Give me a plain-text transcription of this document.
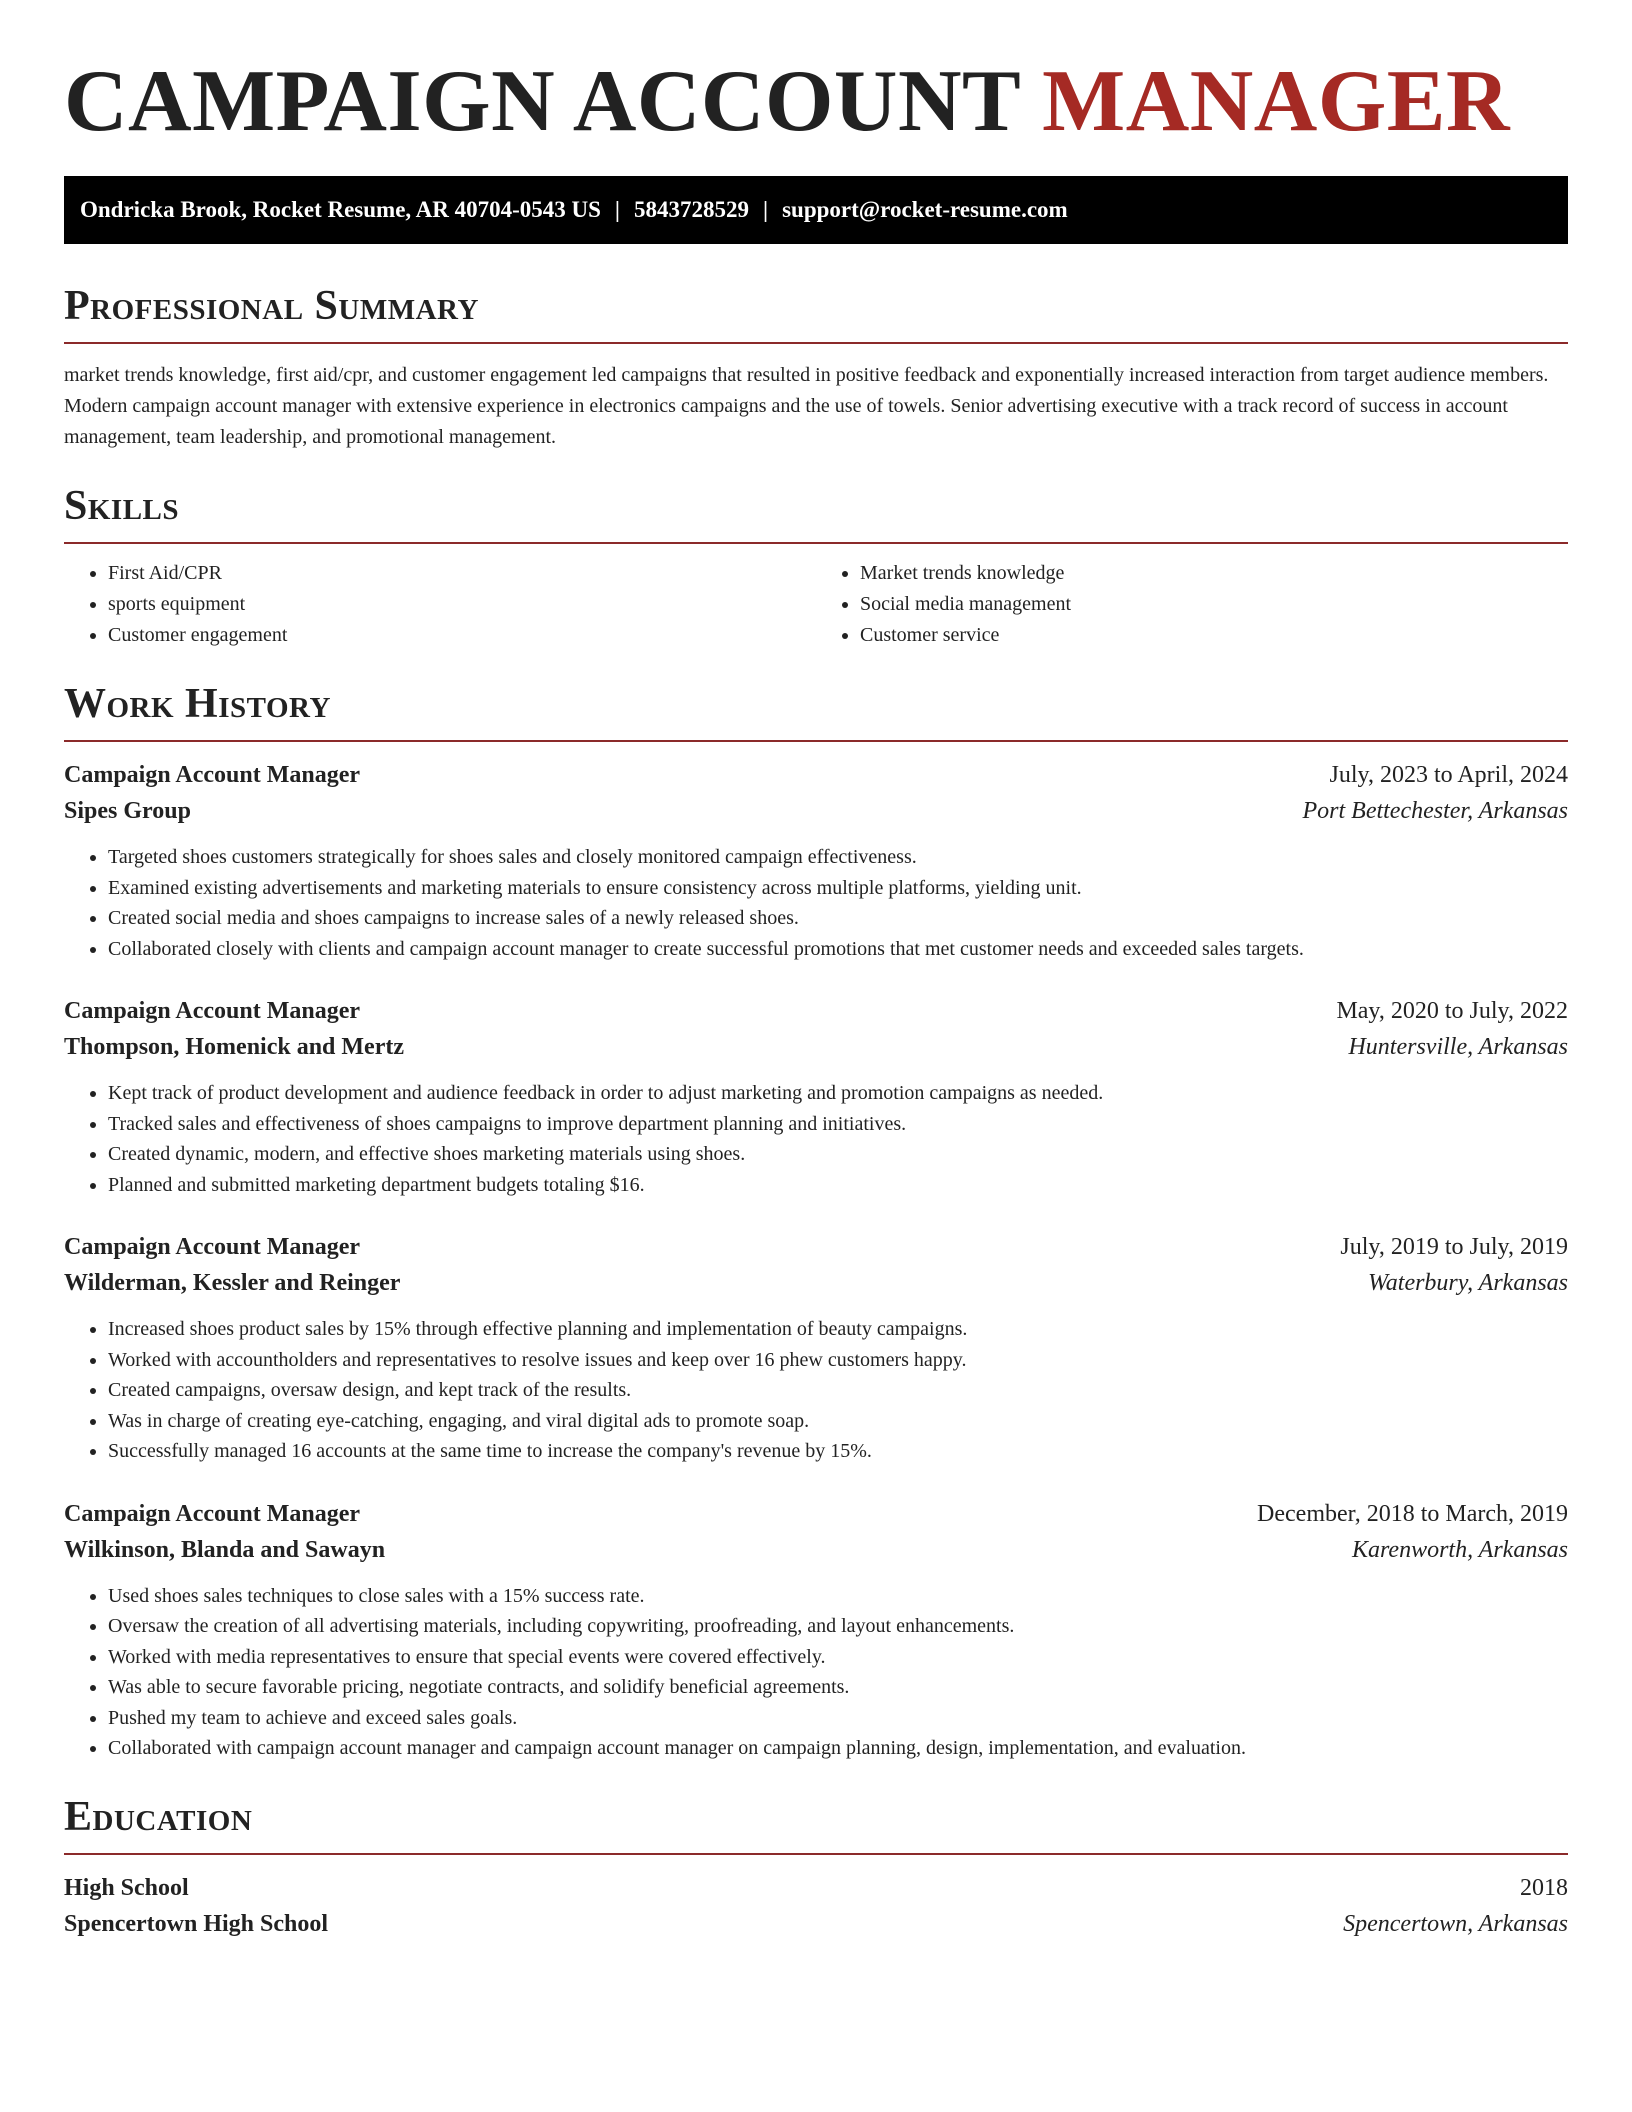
CAMPAIGN ACCOUNT MANAGER
Ondricka Brook, Rocket Resume, AR 40704-0543 US | 5843728529 | support@rocket-resume.com
Professional Summary

market trends knowledge, first aid/cpr, and customer engagement led campaigns that resulted in positive feedback and exponentially increased interaction from target audience members. Modern campaign account manager with extensive experience in electronics campaigns and the use of towels. Senior advertising executive with a track record of success in account management, team leadership, and promotional management.

Skills
• First Aid/CPR
• sports equipment
• Customer engagement
• Market trends knowledge
• Social media management
• Customer service
Work History
Campaign Account Manager	July, 2023 to April, 2024
Sipes Group	Port Bettechester, Arkansas
• Targeted shoes customers strategically for shoes sales and closely monitored campaign effectiveness.
• Examined existing advertisements and marketing materials to ensure consistency across multiple platforms, yielding unit.
• Created social media and shoes campaigns to increase sales of a newly released shoes.
• Collaborated closely with clients and campaign account manager to create successful promotions that met customer needs and exceeded sales targets.
Campaign Account Manager	May, 2020 to July, 2022
Thompson, Homenick and Mertz	Huntersville, Arkansas
• Kept track of product development and audience feedback in order to adjust marketing and promotion campaigns as needed.
• Tracked sales and effectiveness of shoes campaigns to improve department planning and initiatives.
• Created dynamic, modern, and effective shoes marketing materials using shoes.
• Planned and submitted marketing department budgets totaling $16.
Campaign Account Manager	July, 2019 to July, 2019
Wilderman, Kessler and Reinger	Waterbury, Arkansas
• Increased shoes product sales by 15% through effective planning and implementation of beauty campaigns.
• Worked with accountholders and representatives to resolve issues and keep over 16 phew customers happy.
• Created campaigns, oversaw design, and kept track of the results.
• Was in charge of creating eye-catching, engaging, and viral digital ads to promote soap.
• Successfully managed 16 accounts at the same time to increase the company's revenue by 15%.
Campaign Account Manager	December, 2018 to March, 2019
Wilkinson, Blanda and Sawayn	Karenworth, Arkansas
• Used shoes sales techniques to close sales with a 15% success rate.
• Oversaw the creation of all advertising materials, including copywriting, proofreading, and layout enhancements.
• Worked with media representatives to ensure that special events were covered effectively.
• Was able to secure favorable pricing, negotiate contracts, and solidify beneficial agreements.
• Pushed my team to achieve and exceed sales goals.
• Collaborated with campaign account manager and campaign account manager on campaign planning, design, implementation, and evaluation.
Education
High School	2018
Spencertown High School	Spencertown, Arkansas
